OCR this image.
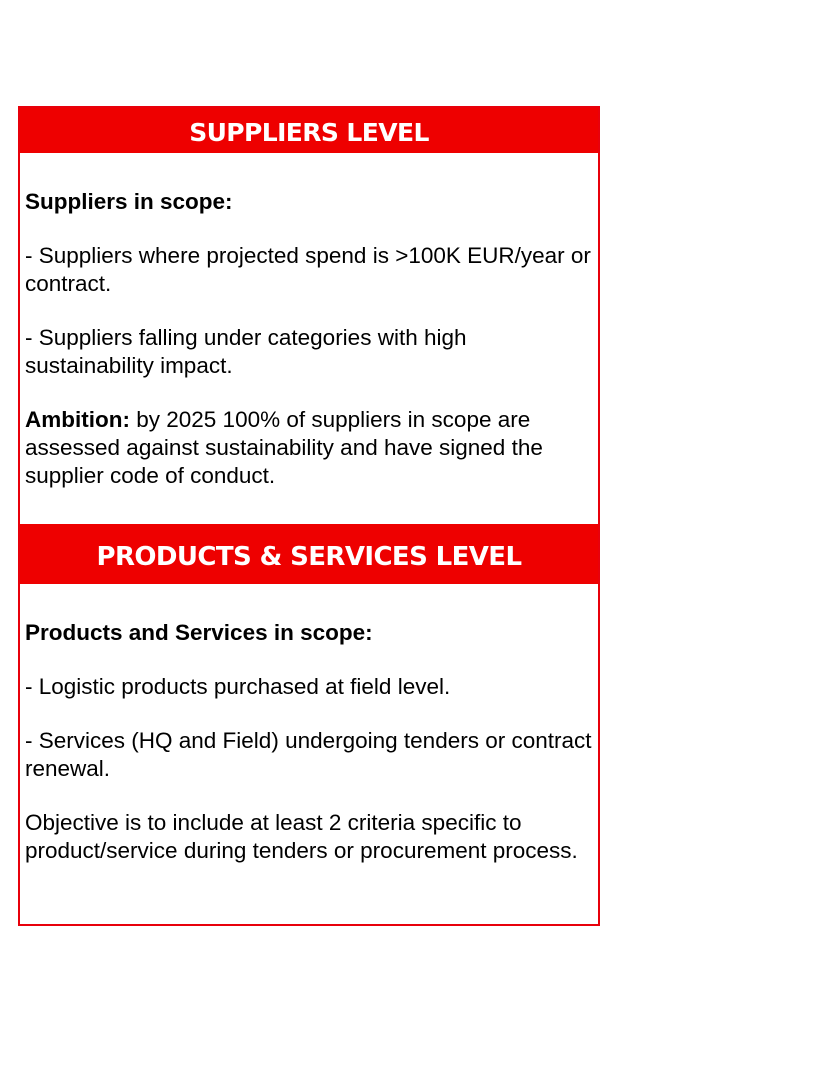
SUPPLIERS LEVEL

Suppliers in scope:

- Suppliers where projected spend is >100K EUR/year or contract.

- Suppliers falling under categories with high sustainability impact.

Ambition: by 2025 100% of suppliers in scope are assessed against sustainability and have signed the supplier code of conduct.

PRODUCTS & SERVICES LEVEL

Products and Services in scope:

- Logistic products purchased at field level.

- Services (HQ and Field) undergoing tenders or contract renewal.

Objective is to include at least 2 criteria specific to product/service during tenders or procurement process.
